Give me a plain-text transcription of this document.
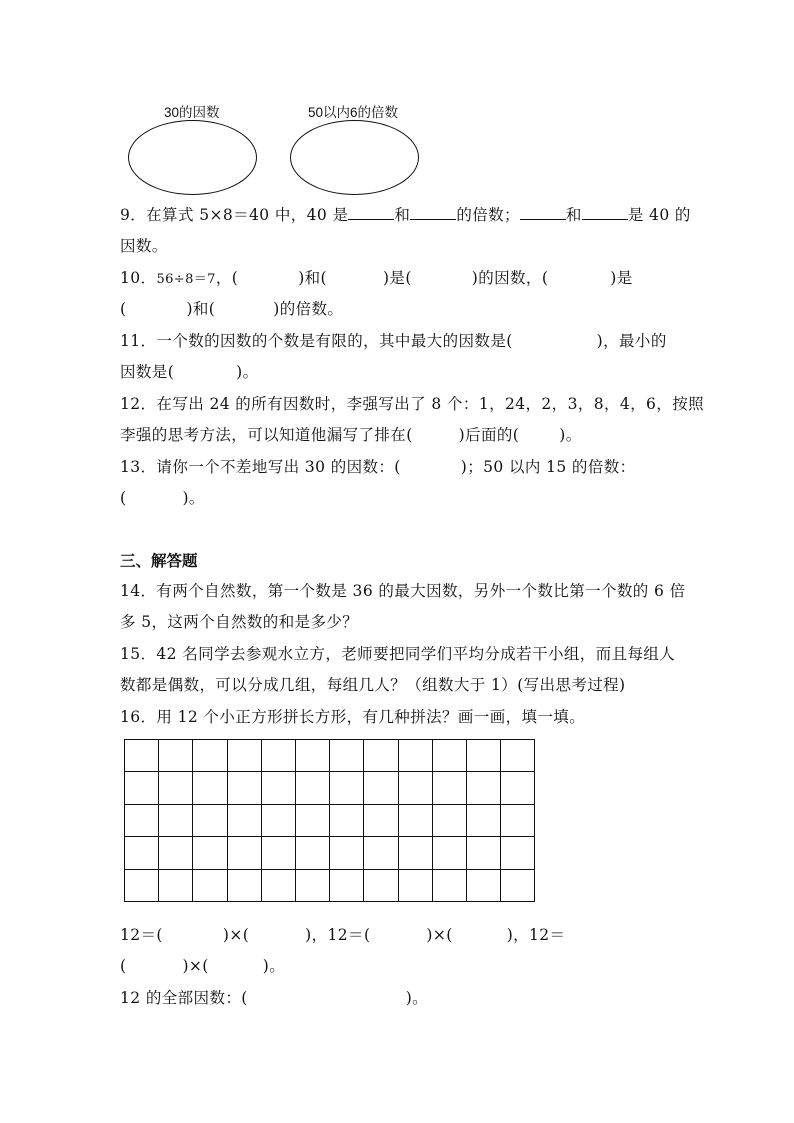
30的因数	50以内6的倍数
9．在算式 5×8＝40 中，40 是	和	的倍数；	和	是 40 的
因数。
10．56÷8＝7，(	)和(	)是(	)的因数，(	)是
(	)和(	)的倍数。
11．一个数的因数的个数是有限的，其中最大的因数是(	)，最小的
因数是(	)。
12．在写出 24 的所有因数时，李强写出了 8 个：1，24，2，3，8，4，6，按照
李强的思考方法，可以知道他漏写了排在(	)后面的(	)。
13．请你一个不差地写出 30 的因数：(	)；50 以内 15 的倍数：
(	)。
三、解答题
14．有两个自然数，第一个数是 36 的最大因数，另外一个数比第一个数的 6 倍
多 5，这两个自然数的和是多少？
15．42 名同学去参观水立方，老师要把同学们平均分成若干小组，而且每组人
数都是偶数，可以分成几组，每组几人？（组数大于 1）(写出思考过程)
16．用 12 个小正方形拼长方形，有几种拼法？画一画，填一填。

12＝(	)×(	)，12＝(	)×(	)，12＝
(	)×(	)。
12 的全部因数：(	)。
